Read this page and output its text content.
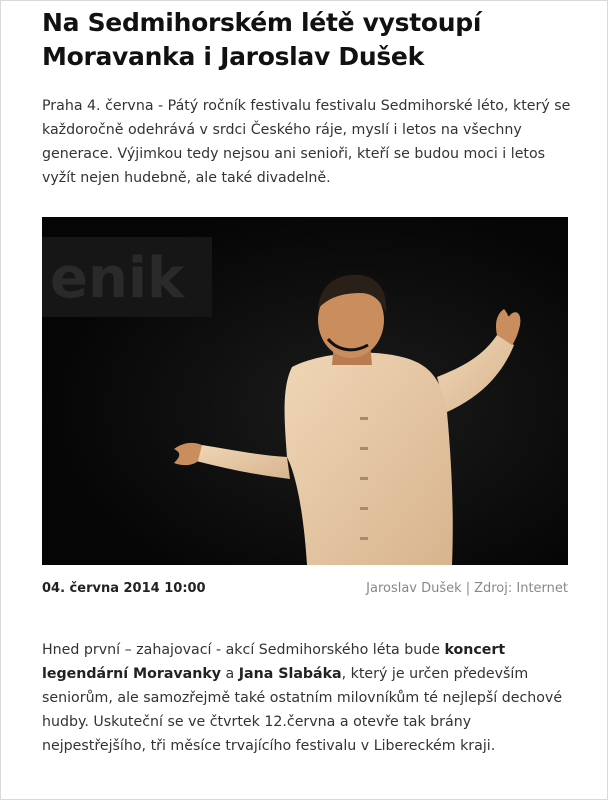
Na Sedmihorském létě vystoupí Moravanka i Jaroslav Dušek

Praha 4. června - Pátý ročník festivalu festivalu Sedmihorské léto, který se každoročně odehrává v srdci Českého ráje, myslí i letos na všechny generace. Výjimkou tedy nejsou ani senioři, kteří se budou moci i letos vyžít nejen hudebně, ale také divadelně.

enik
04. června 2014 10:00	Jaroslav Dušek | Zdroj: Internet

Hned první – zahajovací - akcí Sedmihorského léta bude koncert legendární Moravanky a Jana Slabáka, který je určen především seniorům, ale samozřejmě také ostatním milovníkům té nejlepší dechové hudby. Uskuteční se ve čtvrtek 12.června a otevře tak brány nejpestřejšího, tři měsíce trvajícího festivalu v Libereckém kraji.
